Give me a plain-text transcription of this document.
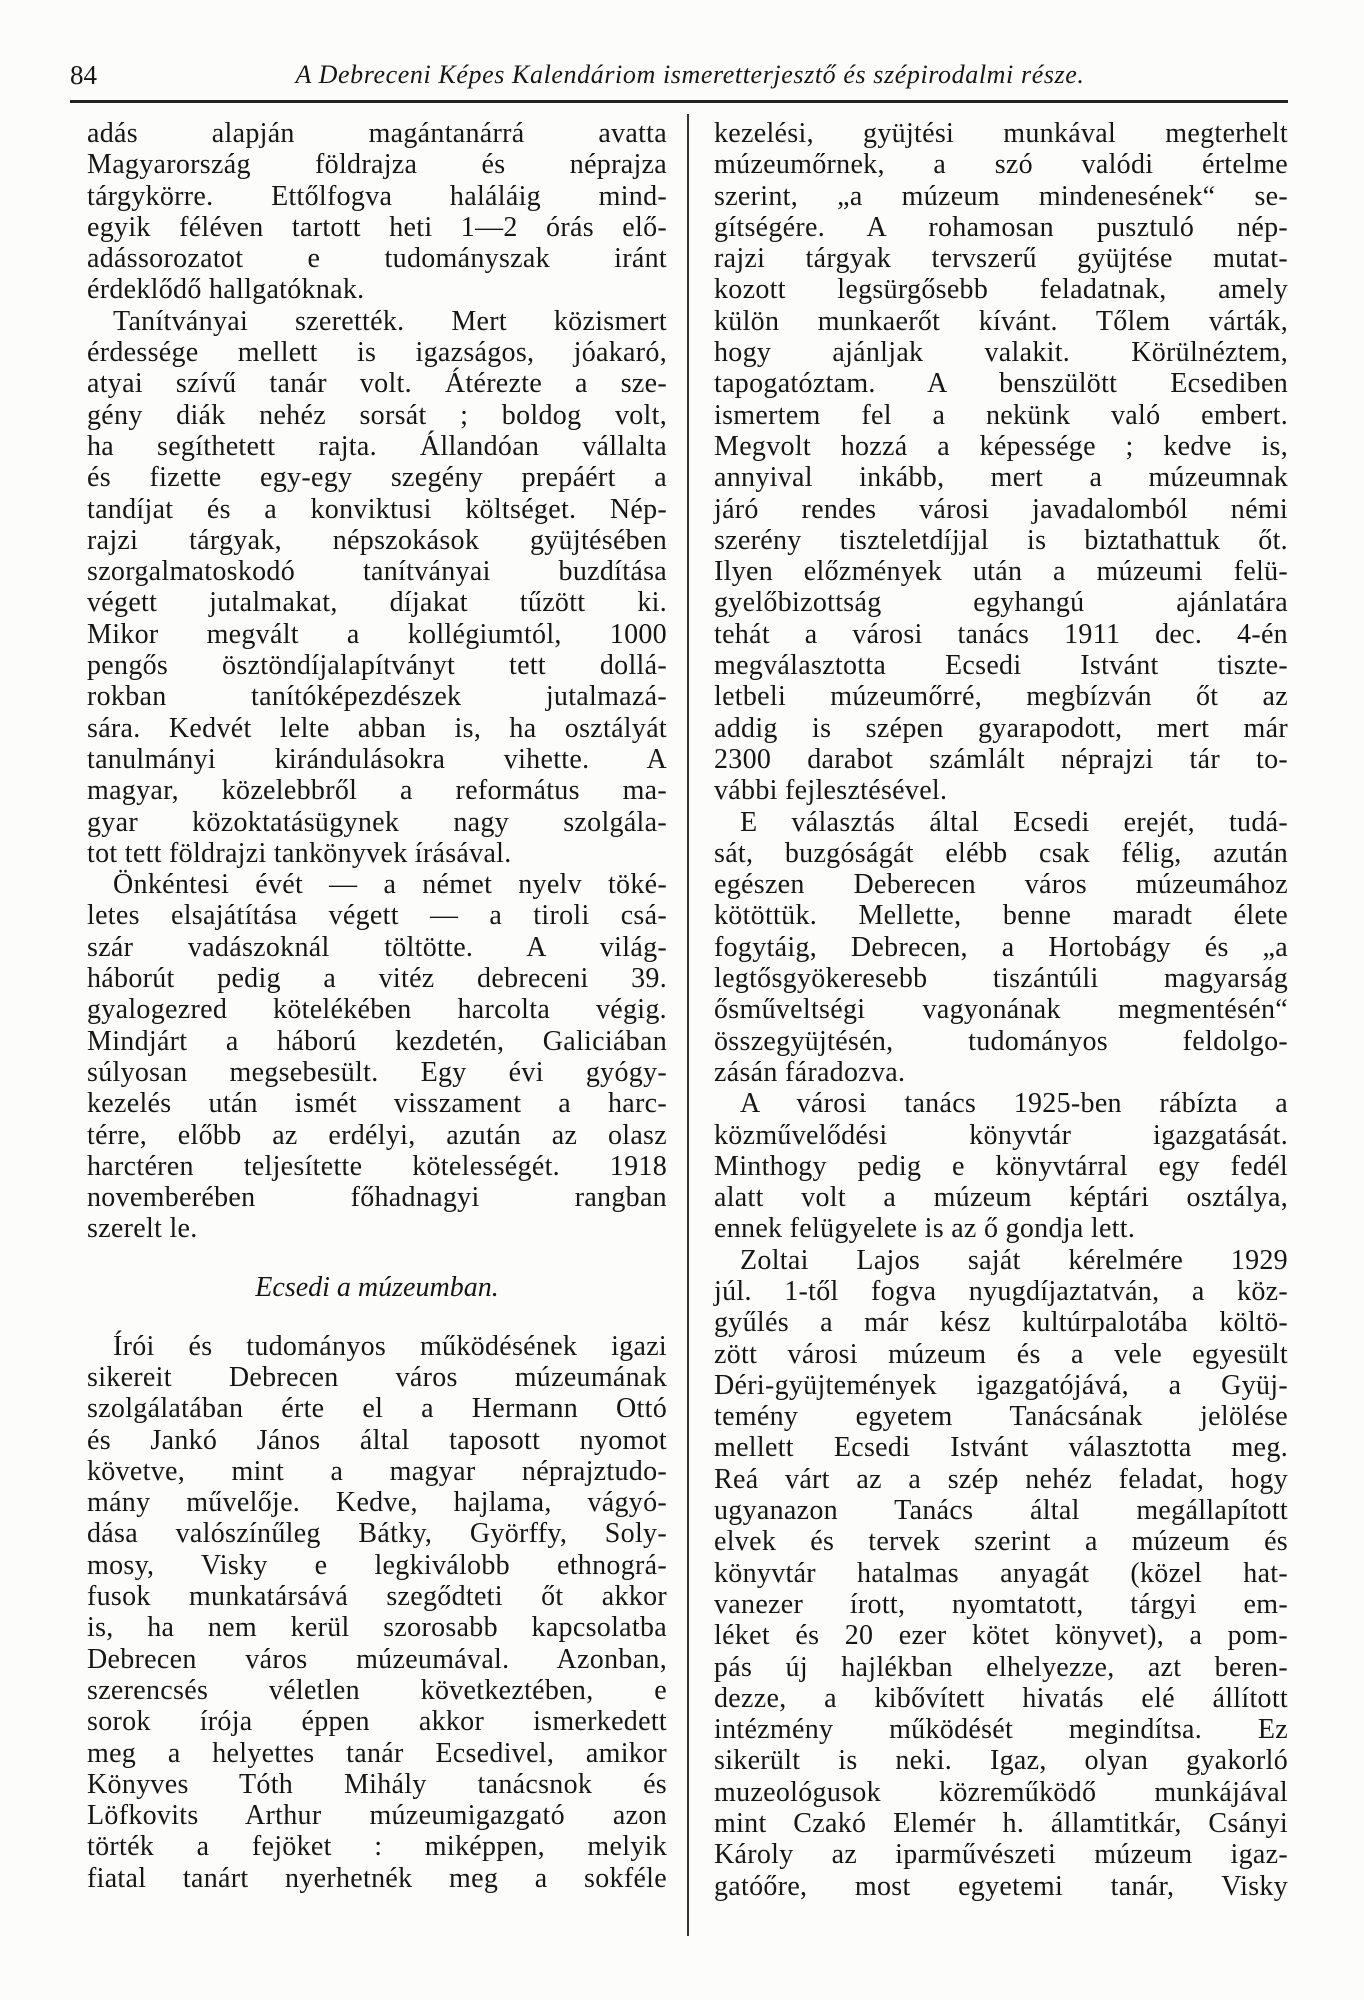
84	A Debreceni Képes Kalendáriom ismeretterjesztő és szépirodalmi része.
adás alapján magántanárrá avatta
Magyarország földrajza és néprajza
tárgykörre. Ettőlfogva haláláig mind-
egyik féléven tartott heti 1—2 órás elő-
adássorozatot e tudományszak iránt
érdeklődő hallgatóknak.
Tanítványai szerették. Mert közismert
érdessége mellett is igazságos, jóakaró,
atyai szívű tanár volt. Átérezte a sze-
gény diák nehéz sorsát ; boldog volt,
ha segíthetett rajta. Állandóan vállalta
és fizette egy-egy szegény prepáért a
tandíjat és a konviktusi költséget. Nép-
rajzi tárgyak, népszokások gyüjtésében
szorgalmatoskodó tanítványai buzdítása
végett jutalmakat, díjakat tűzött ki.
Mikor megvált a kollégiumtól, 1000
pengős ösztöndíjalapítványt tett dollá-
rokban tanítóképezdészek jutalmazá-
sára. Kedvét lelte abban is, ha osztályát
tanulmányi kirándulásokra vihette. A
magyar, közelebbről a református ma-
gyar közoktatásügynek nagy szolgála-
tot tett földrajzi tankönyvek írásával.
Önkéntesi évét — a német nyelv töké-
letes elsajátítása végett — a tiroli csá-
szár vadászoknál töltötte. A világ-
háborút pedig a vitéz debreceni 39.
gyalogezred kötelékében harcolta végig.
Mindjárt a háború kezdetén, Galiciában
súlyosan megsebesült. Egy évi gyógy-
kezelés után ismét visszament a harc-
térre, előbb az erdélyi, azután az olasz
harctéren teljesítette kötelességét. 1918
novemberében főhadnagyi rangban
szerelt le.
Ecsedi a múzeumban.
Írói és tudományos működésének igazi
sikereit Debrecen város múzeumának
szolgálatában érte el a Hermann Ottó
és Jankó János által taposott nyomot
követve, mint a magyar néprajztudo-
mány művelője. Kedve, hajlama, vágyó-
dása valószínűleg Bátky, Györffy, Soly-
mosy, Visky e legkiválobb ethnográ-
fusok munkatársává szegődteti őt akkor
is, ha nem kerül szorosabb kapcsolatba
Debrecen város múzeumával. Azonban,
szerencsés véletlen következtében, e
sorok írója éppen akkor ismerkedett
meg a helyettes tanár Ecsedivel, amikor
Könyves Tóth Mihály tanácsnok és
Löfkovits Arthur múzeumigazgató azon
törték a fejöket : miképpen, melyik
fiatal tanárt nyerhetnék meg a sokféle
kezelési, gyüjtési munkával megterhelt
múzeumőrnek, a szó valódi értelme
szerint, „a múzeum mindenesének“ se-
gítségére. A rohamosan pusztuló nép-
rajzi tárgyak tervszerű gyüjtése mutat-
kozott legsürgősebb feladatnak, amely
külön munkaerőt kívánt. Tőlem várták,
hogy ajánljak valakit. Körülnéztem,
tapogatóztam. A benszülött Ecsediben
ismertem fel a nekünk való embert.
Megvolt hozzá a képessége ; kedve is,
annyival inkább, mert a múzeumnak
járó rendes városi javadalomból némi
szerény tiszteletdíjjal is biztathattuk őt.
Ilyen előzmények után a múzeumi felü-
gyelőbizottság egyhangú ajánlatára
tehát a városi tanács 1911 dec. 4-én
megválasztotta Ecsedi Istvánt tiszte-
letbeli múzeumőrré, megbízván őt az
addig is szépen gyarapodott, mert már
2300 darabot számlált néprajzi tár to-
vábbi fejlesztésével.
E választás által Ecsedi erejét, tudá-
sát, buzgóságát elébb csak félig, azután
egészen Deberecen város múzeumához
kötöttük. Mellette, benne maradt élete
fogytáig, Debrecen, a Hortobágy és „a
legtősgyökeresebb tiszántúli magyarság
ősműveltségi vagyonának megmentésén“
összegyüjtésén, tudományos feldolgo-
zásán fáradozva.
A városi tanács 1925-ben rábízta a
közművelődési könyvtár igazgatását.
Minthogy pedig e könyvtárral egy fedél
alatt volt a múzeum képtári osztálya,
ennek felügyelete is az ő gondja lett.
Zoltai Lajos saját kérelmére 1929
júl. 1-től fogva nyugdíjaztatván, a köz-
gyűlés a már kész kultúrpalotába költö-
zött városi múzeum és a vele egyesült
Déri-gyüjtemények igazgatójává, a Gyüj-
temény egyetem Tanácsának jelölése
mellett Ecsedi Istvánt választotta meg.
Reá várt az a szép nehéz feladat, hogy
ugyanazon Tanács által megállapított
elvek és tervek szerint a múzeum és
könyvtár hatalmas anyagát (közel hat-
vanezer írott, nyomtatott, tárgyi em-
léket és 20 ezer kötet könyvet), a pom-
pás új hajlékban elhelyezze, azt beren-
dezze, a kibővített hivatás elé állított
intézmény működését megindítsa. Ez
sikerült is neki. Igaz, olyan gyakorló
muzeológusok közreműködő munkájával
mint Czakó Elemér h. államtitkár, Csányi
Károly az iparművészeti múzeum igaz-
gatóőre, most egyetemi tanár, Visky
